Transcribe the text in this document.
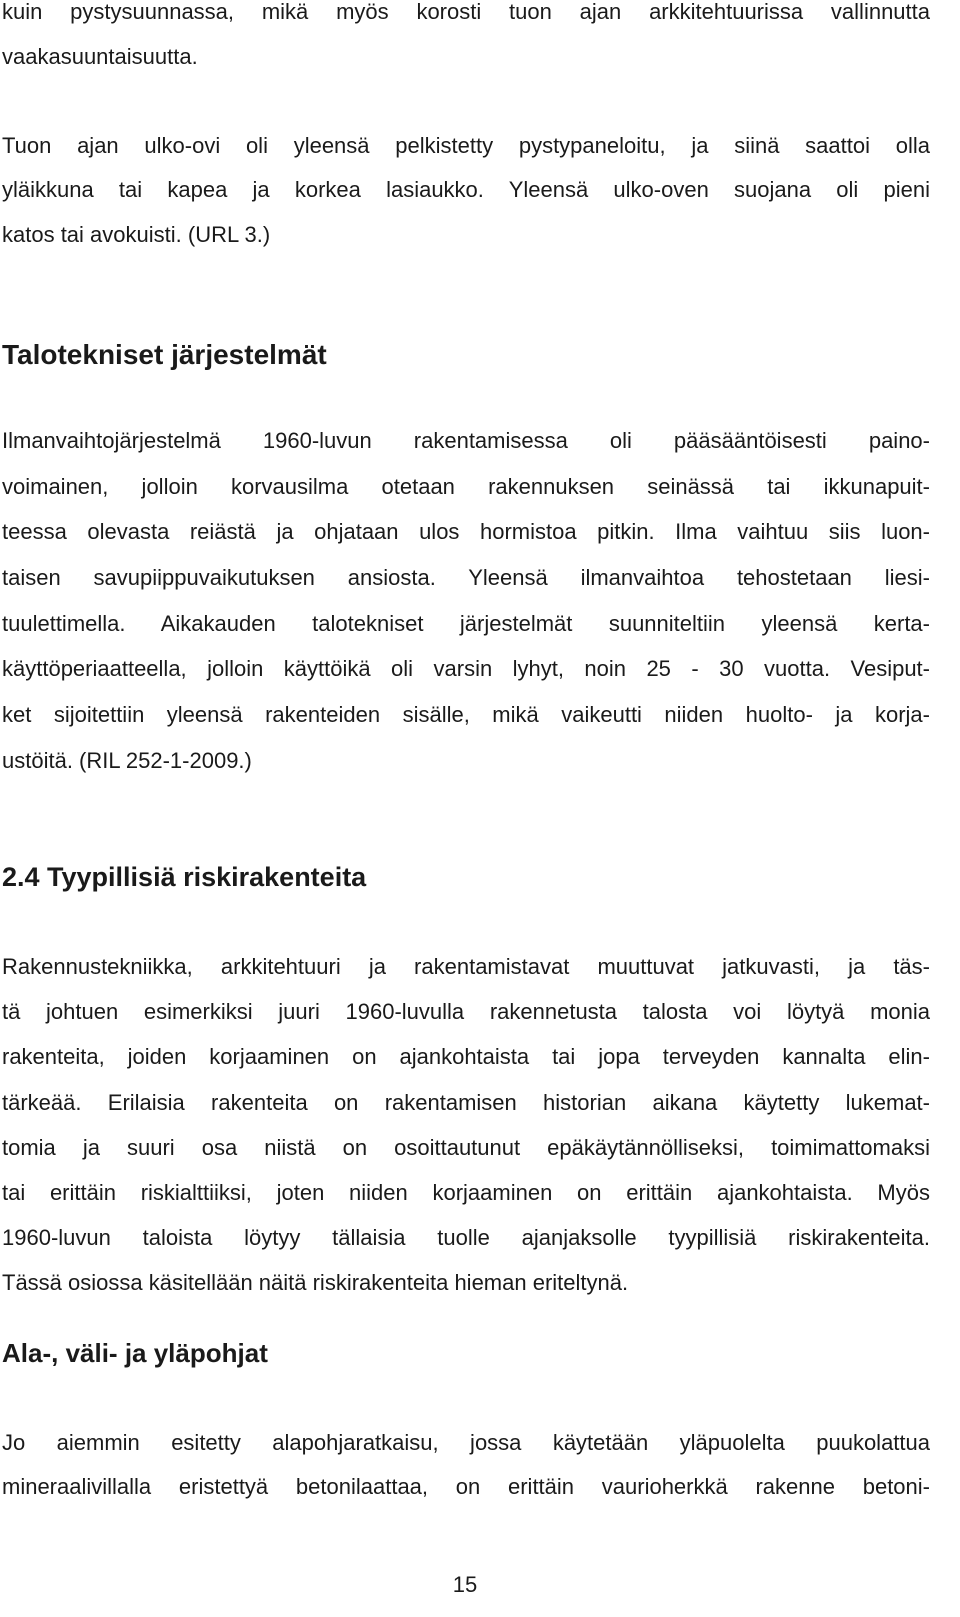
kuin pystysuunnassa, mikä myös korosti tuon ajan arkkitehtuurissa vallinnutta
vaakasuuntaisuutta.
Tuon ajan ulko-ovi oli yleensä pelkistetty pystypaneloitu, ja siinä saattoi olla
yläikkuna tai kapea ja korkea lasiaukko. Yleensä ulko-oven suojana oli pieni
katos tai avokuisti. (URL 3.)
Talotekniset järjestelmät
Ilmanvaihtojärjestelmä 1960-luvun rakentamisessa oli pääsääntöisesti paino-
voimainen, jolloin korvausilma otetaan rakennuksen seinässä tai ikkunapuit-
teessa olevasta reiästä ja ohjataan ulos hormistoa pitkin. Ilma vaihtuu siis luon-
taisen savupiippuvaikutuksen ansiosta. Yleensä ilmanvaihtoa tehostetaan liesi-
tuulettimella. Aikakauden talotekniset järjestelmät suunniteltiin yleensä kerta-
käyttöperiaatteella, jolloin käyttöikä oli varsin lyhyt, noin 25 - 30 vuotta. Vesiput-
ket sijoitettiin yleensä rakenteiden sisälle, mikä vaikeutti niiden huolto- ja korja-
ustöitä. (RIL 252-1-2009.)
2.4 Tyypillisiä riskirakenteita
Rakennustekniikka, arkkitehtuuri ja rakentamistavat muuttuvat jatkuvasti, ja täs-
tä johtuen esimerkiksi juuri 1960-luvulla rakennetusta talosta voi löytyä monia
rakenteita, joiden korjaaminen on ajankohtaista tai jopa terveyden kannalta elin-
tärkeää. Erilaisia rakenteita on rakentamisen historian aikana käytetty lukemat-
tomia ja suuri osa niistä on osoittautunut epäkäytännölliseksi, toimimattomaksi
tai erittäin riskialttiiksi, joten niiden korjaaminen on erittäin ajankohtaista. Myös
1960-luvun taloista löytyy tällaisia tuolle ajanjaksolle tyypillisiä riskirakenteita.
Tässä osiossa käsitellään näitä riskirakenteita hieman eriteltynä.
Ala-, väli- ja yläpohjat
Jo aiemmin esitetty alapohjaratkaisu, jossa käytetään yläpuolelta puukolattua
mineraalivillalla eristettyä betonilaattaa, on erittäin vaurioherkkä rakenne betoni-
15
